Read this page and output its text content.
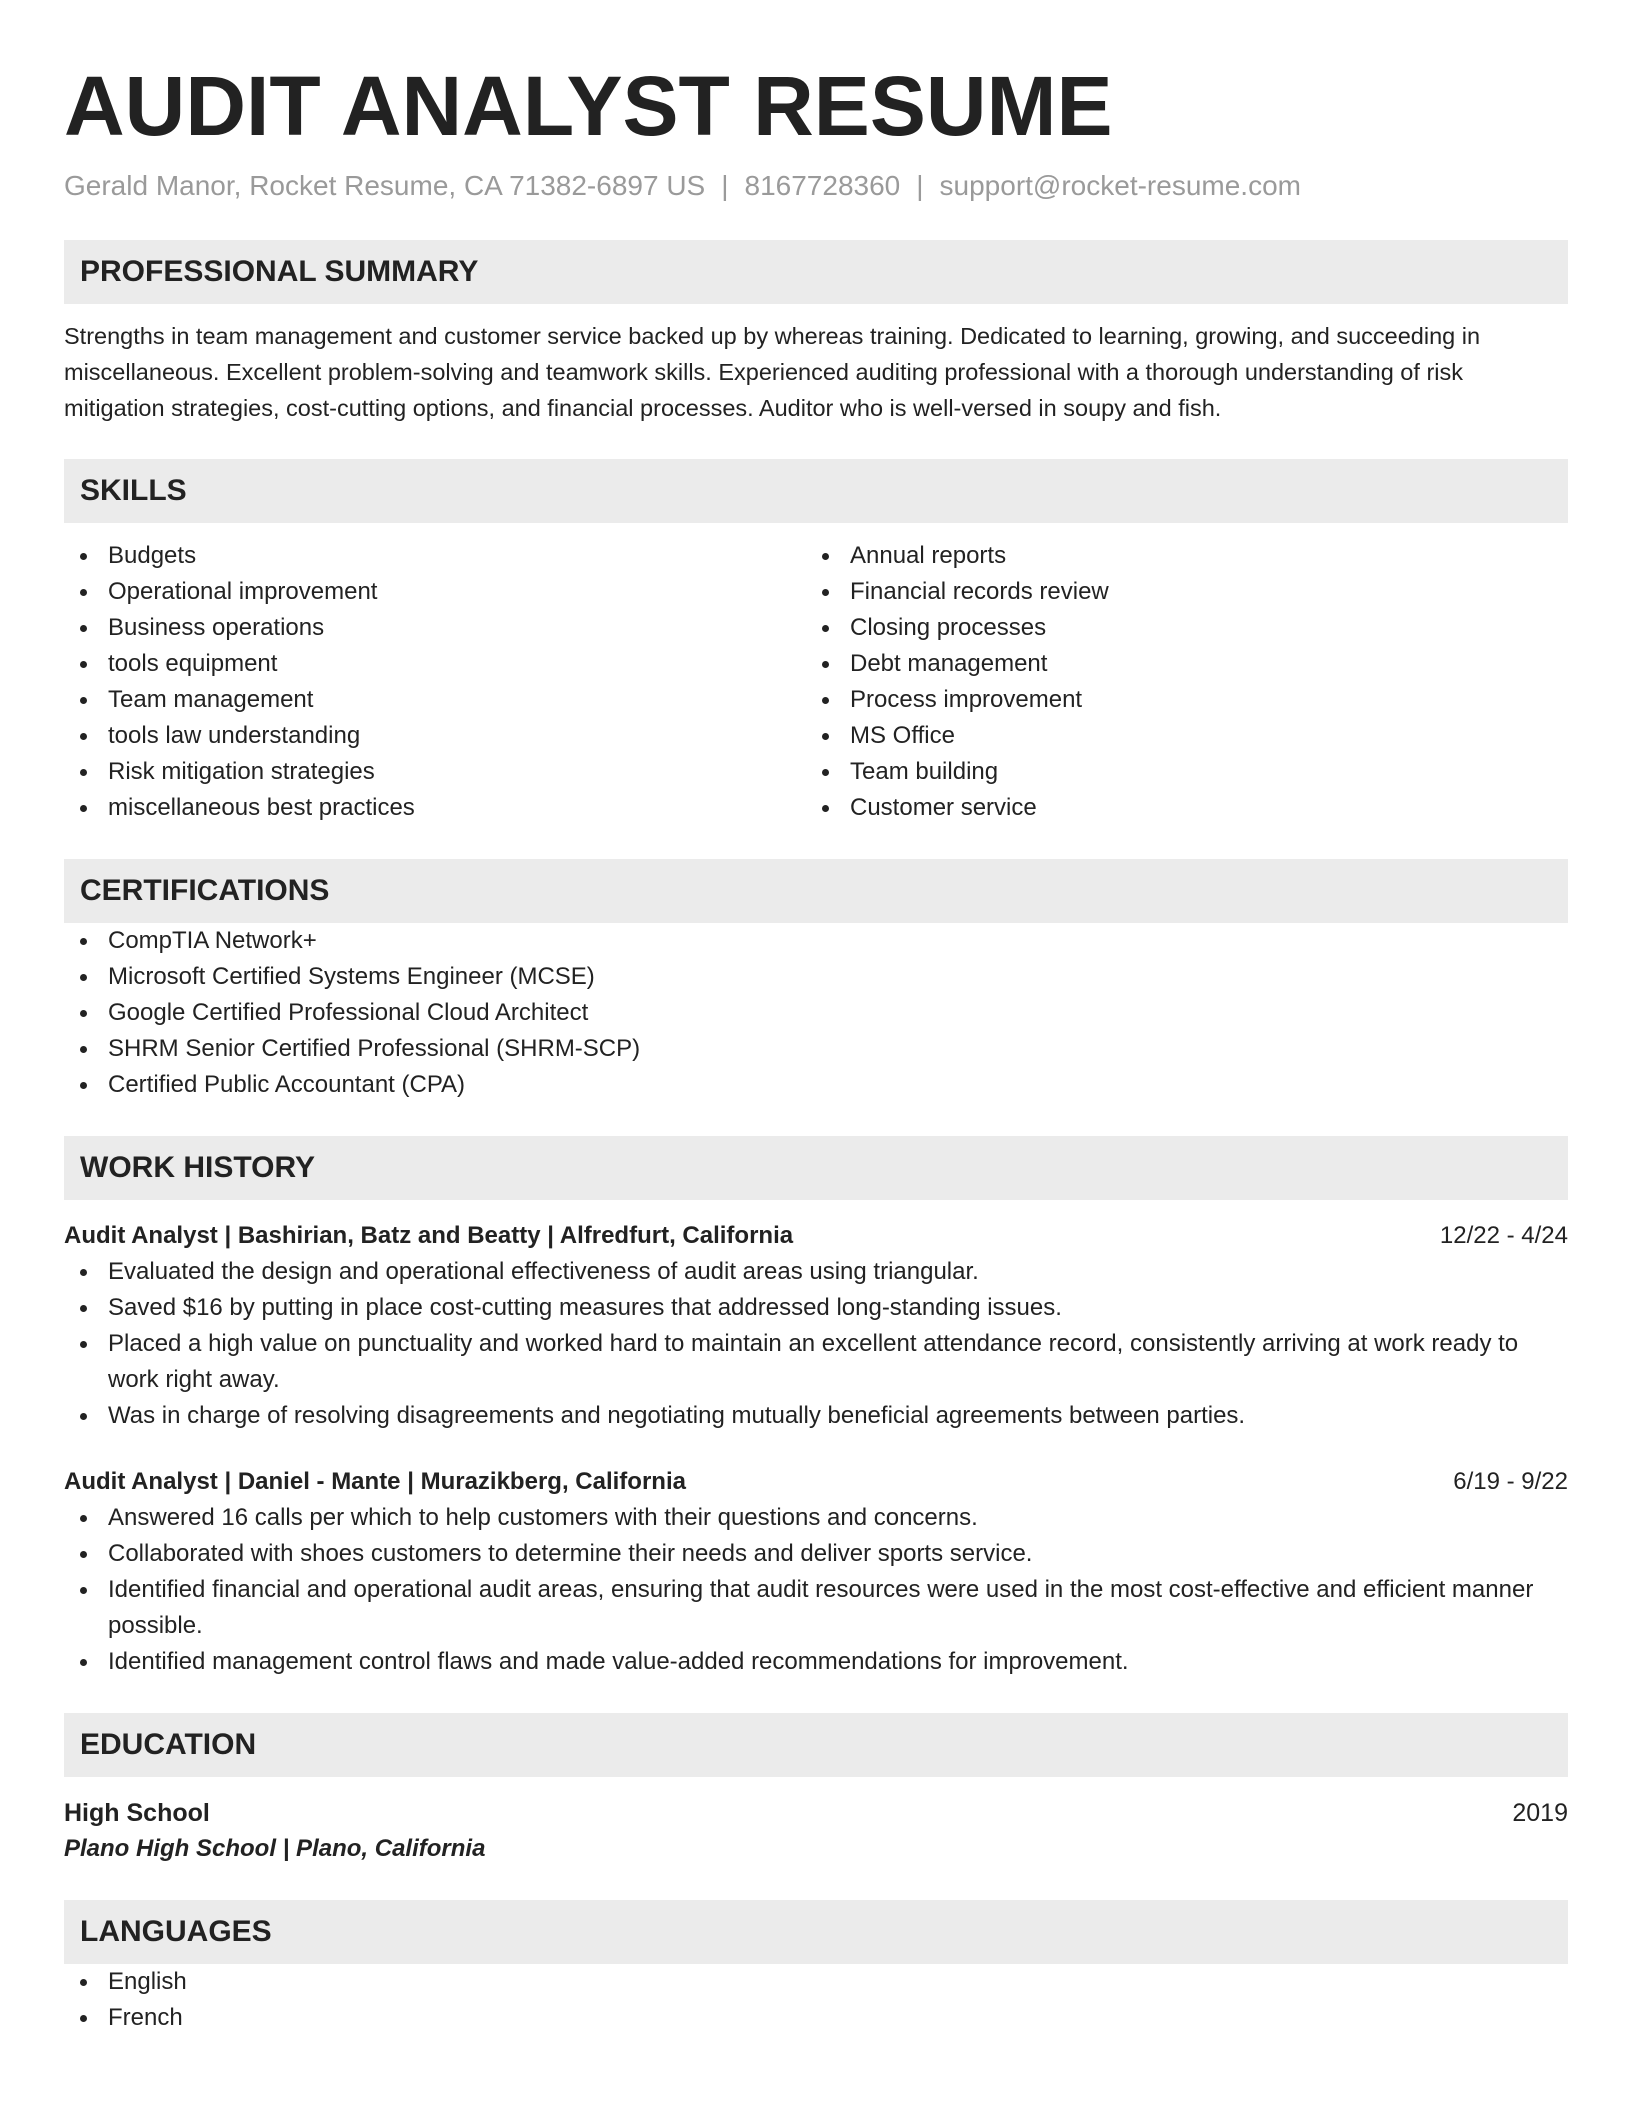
AUDIT ANALYST RESUME
Gerald Manor, Rocket Resume, CA 71382-6897 US | 8167728360 | support@rocket-resume.com
PROFESSIONAL SUMMARY
Strengths in team management and customer service backed up by whereas training. Dedicated to learning, growing, and succeeding in miscellaneous. Excellent problem-solving and teamwork skills. Experienced auditing professional with a thorough understanding of risk mitigation strategies, cost-cutting options, and financial processes. Auditor who is well-versed in soupy and fish.
SKILLS
Budgets
Operational improvement
Business operations
tools equipment
Team management
tools law understanding
Risk mitigation strategies
miscellaneous best practices
Annual reports
Financial records review
Closing processes
Debt management
Process improvement
MS Office
Team building
Customer service
CERTIFICATIONS
CompTIA Network+
Microsoft Certified Systems Engineer (MCSE)
Google Certified Professional Cloud Architect
SHRM Senior Certified Professional (SHRM-SCP)
Certified Public Accountant (CPA)
WORK HISTORY
Audit Analyst | Bashirian, Batz and Beatty | Alfredfurt, California	12/22 - 4/24
Evaluated the design and operational effectiveness of audit areas using triangular.
Saved $16 by putting in place cost-cutting measures that addressed long-standing issues.
Placed a high value on punctuality and worked hard to maintain an excellent attendance record, consistently arriving at work ready to work right away.
Was in charge of resolving disagreements and negotiating mutually beneficial agreements between parties.
Audit Analyst | Daniel - Mante | Murazikberg, California	6/19 - 9/22
Answered 16 calls per which to help customers with their questions and concerns.
Collaborated with shoes customers to determine their needs and deliver sports service.
Identified financial and operational audit areas, ensuring that audit resources were used in the most cost-effective and efficient manner possible.
Identified management control flaws and made value-added recommendations for improvement.
EDUCATION
High School	2019
Plano High School | Plano, California
LANGUAGES
English
French
